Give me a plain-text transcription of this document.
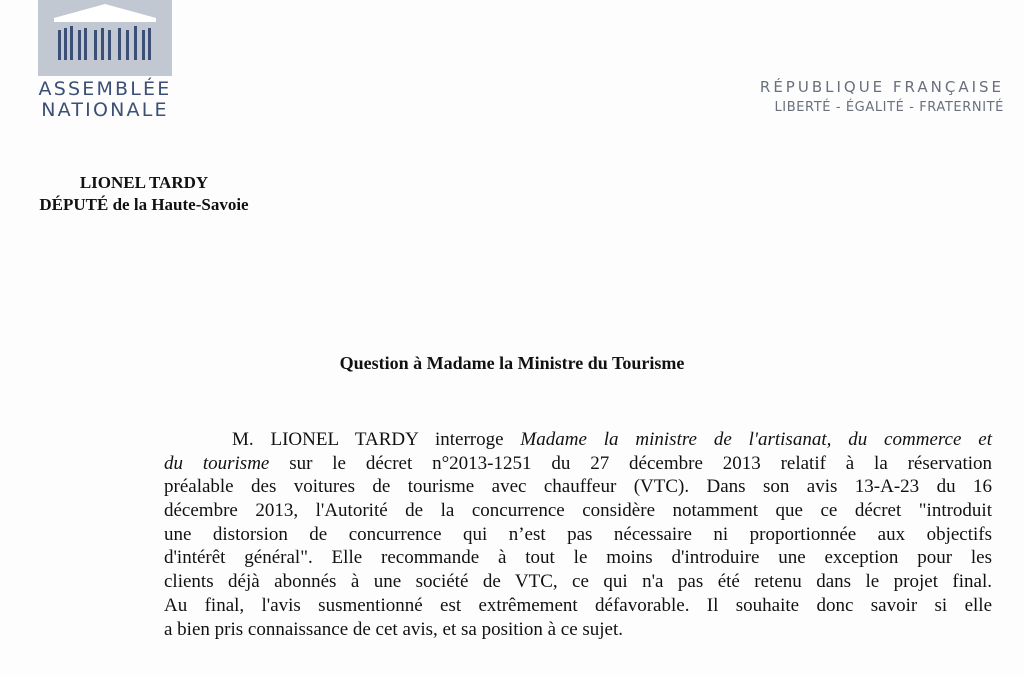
ASSEMBLÉE
NATIONALE
RÉPUBLIQUE FRANÇAISE
LIBERTÉ - ÉGALITÉ - FRATERNITÉ
LIONEL TARDY
DÉPUTÉ de la Haute-Savoie
Question à Madame la Ministre du Tourisme
M. LIONEL TARDY interroge Madame la ministre de l'artisanat, du commerce et
du tourisme sur le décret n°2013-1251 du 27 décembre 2013 relatif à la réservation
préalable des voitures de tourisme avec chauffeur (VTC). Dans son avis 13-A-23 du 16
décembre 2013, l'Autorité de la concurrence considère notamment que ce décret "introduit
une distorsion de concurrence qui n’est pas nécessaire ni proportionnée aux objectifs
d'intérêt général". Elle recommande à tout le moins d'introduire une exception pour les
clients déjà abonnés à une société de VTC, ce qui n'a pas été retenu dans le projet final.
Au final, l'avis susmentionné est extrêmement défavorable. Il souhaite donc savoir si elle
a bien pris connaissance de cet avis, et sa position à ce sujet.
